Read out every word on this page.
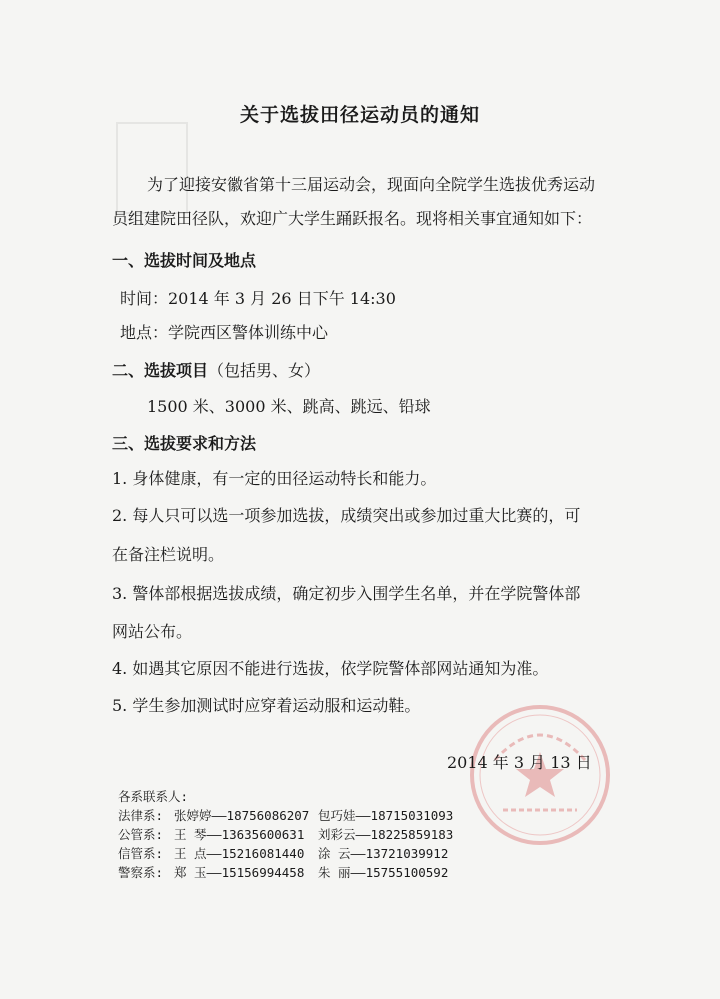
关于选拔田径运动员的通知
为了迎接安徽省第十三届运动会，现面向全院学生选拔优秀运动
员组建院田径队，欢迎广大学生踊跃报名。现将相关事宜通知如下：
一、选拔时间及地点
时间：2014 年 3 月 26 日下午 14:30
地点：学院西区警体训练中心
二、选拔项目（包括男、女）
1500 米、3000 米、跳高、跳远、铅球
三、选拔要求和方法
1. 身体健康，有一定的田径运动特长和能力。
2. 每人只可以选一项参加选拔，成绩突出或参加过重大比赛的，可
在备注栏说明。
3. 警体部根据选拔成绩，确定初步入围学生名单，并在学院警体部
网站公布。
4. 如遇其它原因不能进行选拔，依学院警体部网站通知为准。
5. 学生参加测试时应穿着运动服和运动鞋。
2014 年 3 月 13 日
各系联系人:
法律系: 张婷婷——18756086207 包巧娃——18715031093
公管系: 王 琴——13635600631	刘彩云——18225859183
信管系: 王 点——15216081440	涂 云——13721039912
警察系: 郑 玉——15156994458	朱 丽——15755100592
